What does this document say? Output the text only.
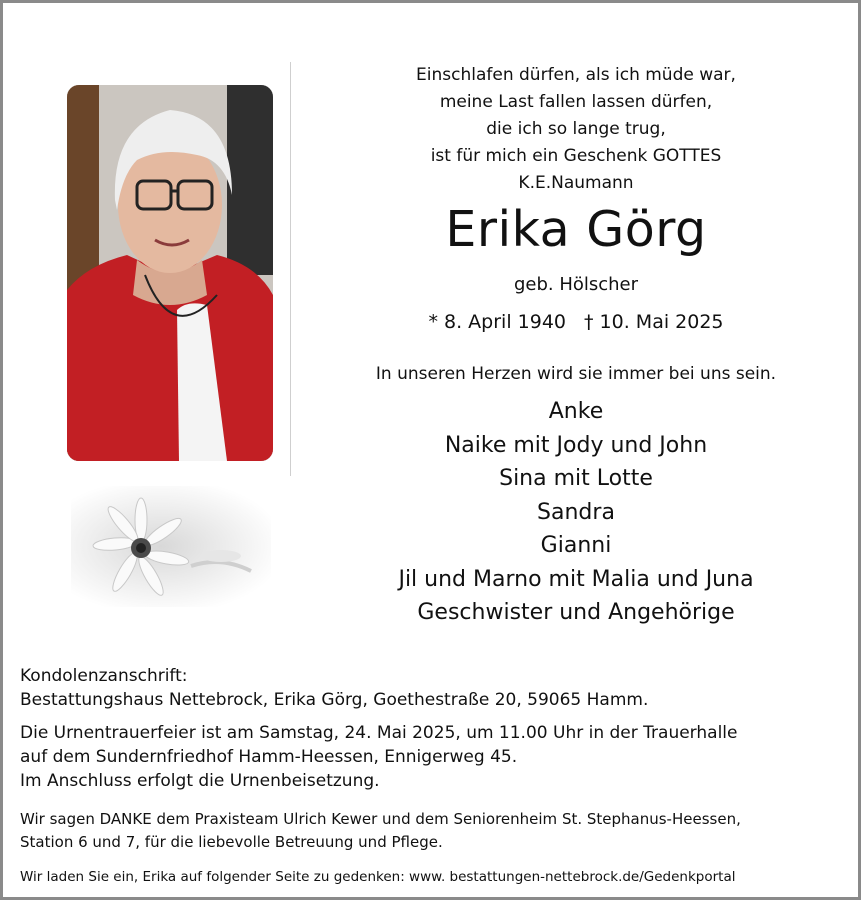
Einschlafen dürfen, als ich müde war,
meine Last fallen lassen dürfen,
die ich so lange trug,
ist für mich ein Geschenk GOTTES
K.E.Naumann
Erika Görg
geb. Hölscher
* 8. April 1940 † 10. Mai 2025
In unseren Herzen wird sie immer bei uns sein.
Anke
Naike mit Jody und John
Sina mit Lotte
Sandra
Gianni
Jil und Marno mit Malia und Juna
Geschwister und Angehörige
Kondolenzanschrift:
Bestattungshaus Nettebrock, Erika Görg, Goethestraße 20, 59065 Hamm.
Die Urnentrauerfeier ist am Samstag, 24. Mai 2025, um 11.00 Uhr in der Trauerhalle
auf dem Sundernfriedhof Hamm-Heessen, Ennigerweg 45.
Im Anschluss erfolgt die Urnenbeisetzung.
Wir sagen DANKE dem Praxisteam Ulrich Kewer und dem Seniorenheim St. Stephanus-Heessen,
Station 6 und 7, für die liebevolle Betreuung und Pflege.
Wir laden Sie ein, Erika auf folgender Seite zu gedenken: www. bestattungen-nettebrock.de/Gedenkportal
